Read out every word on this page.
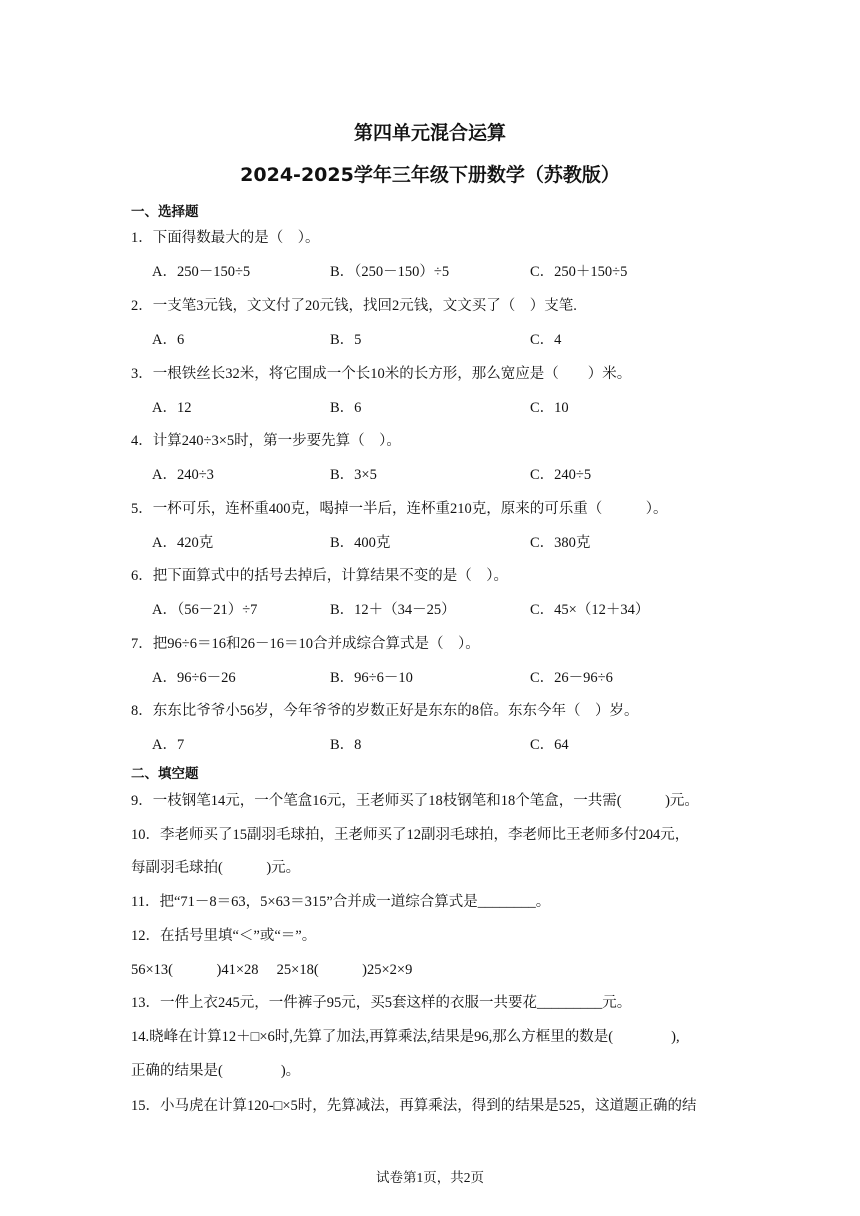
第四单元混合运算
2024-2025学年三年级下册数学（苏教版）
一、选择题
1．下面得数最大的是（　）。
A．250－150÷5	B．（250－150）÷5	C．250＋150÷5
2．一支笔3元钱，文文付了20元钱，找回2元钱，文文买了（　）支笔.
A．6	B．5	C．4
3．一根铁丝长32米，将它围成一个长10米的长方形，那么宽应是（　　）米。
A．12	B．6	C．10
4．计算240÷3×5时，第一步要先算（　）。
A．240÷3	B．3×5	C．240÷5
5．一杯可乐，连杯重400克，喝掉一半后，连杯重210克，原来的可乐重（　　　）。
A．420克	B．400克	C．380克
6．把下面算式中的括号去掉后，计算结果不变的是（　）。
A．（56－21）÷7	B．12＋（34－25）	C．45×（12＋34）
7．把96÷6＝16和26－16＝10合并成综合算式是（　）。
A．96÷6－26	B．96÷6－10	C．26－96÷6
8．东东比爷爷小56岁，今年爷爷的岁数正好是东东的8倍。东东今年（　）岁。
A．7	B．8	C．64
二、填空题
9．一枝钢笔14元，一个笔盒16元，王老师买了18枝钢笔和18个笔盒，一共需(　　　)元。
10．李老师买了15副羽毛球拍，王老师买了12副羽毛球拍，李老师比王老师多付204元，
每副羽毛球拍(　　　)元。
11．把“71－8＝63，5×63＝315”合并成一道综合算式是________。
12．在括号里填“＜”或“＝”。
56×13(　　　)41×28　 25×18(　　　)25×2×9
13．一件上衣245元，一件裤子95元，买5套这样的衣服一共要花_________元。
14.晓峰在计算12＋□×6时,先算了加法,再算乘法,结果是96,那么方框里的数是(　　　　),
正确的结果是(　　　　)。
15．小马虎在计算120-□×5时，先算减法，再算乘法，得到的结果是525，这道题正确的结
试卷第1页，共2页
